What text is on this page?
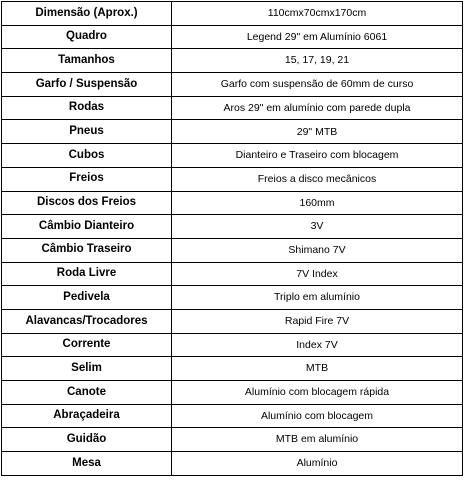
Dimensão (Aprox.)	110cmx70cmx170cm
Quadro	Legend 29" em Alumínio 6061
Tamanhos	15, 17, 19, 21
Garfo / Suspensão	Garfo com suspensão de 60mm de curso
Rodas	Aros 29" em alumínio com parede dupla
Pneus	29" MTB
Cubos	Dianteiro e Traseiro com blocagem
Freios	Freios a disco mecânicos
Discos dos Freios	160mm
Câmbio Dianteiro	3V
Câmbio Traseiro	Shimano 7V
Roda Livre	7V Index
Pedivela	Triplo em alumínio
Alavancas/Trocadores	Rapid Fire 7V
Corrente	Index 7V
Selim	MTB
Canote	Alumínio com blocagem rápida
Abraçadeira	Alumínio com blocagem
Guidão	MTB em alumínio
Mesa	Alumínio
